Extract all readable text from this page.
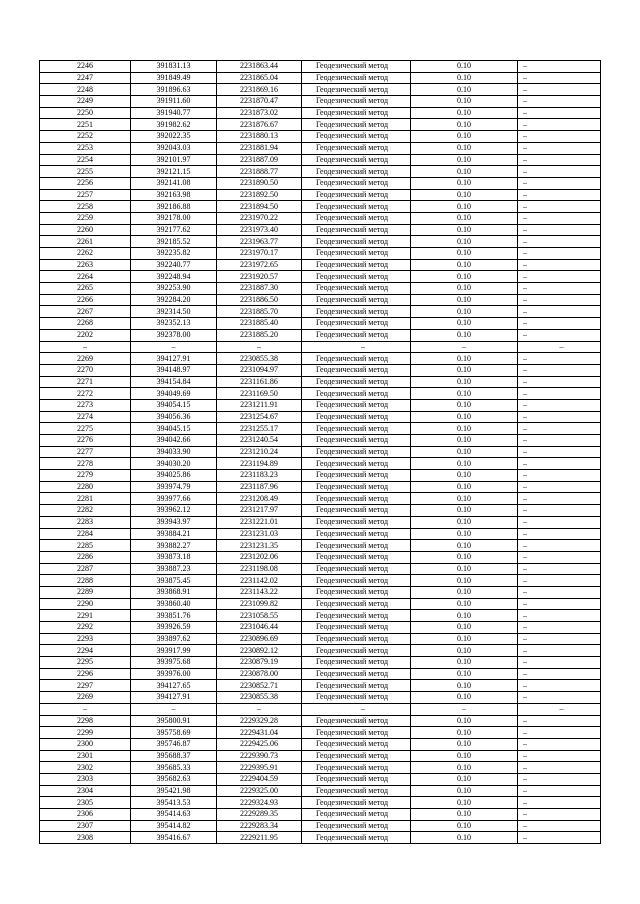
2246	391831.13	2231863.44	Геодезический метод	0.10	–
2247	391849.49	2231865.04	Геодезический метод	0.10	–
2248	391896.63	2231869.16	Геодезический метод	0.10	–
2249	391911.60	2231870.47	Геодезический метод	0.10	–
2250	391940.77	2231873.02	Геодезический метод	0.10	–
2251	391982.62	2231876.67	Геодезический метод	0.10	–
2252	392022.35	2231880.13	Геодезический метод	0.10	–
2253	392043.03	2231881.94	Геодезический метод	0.10	–
2254	392101.97	2231887.09	Геодезический метод	0.10	–
2255	392121.15	2231888.77	Геодезический метод	0.10	–
2256	392141.08	2231890.50	Геодезический метод	0.10	–
2257	392163.98	2231892.50	Геодезический метод	0.10	–
2258	392186.88	2231894.50	Геодезический метод	0.10	–
2259	392178.00	2231970.22	Геодезический метод	0.10	–
2260	392177.62	2231973.40	Геодезический метод	0.10	–
2261	392185.52	2231963.77	Геодезический метод	0.10	–
2262	392235.82	2231970.17	Геодезический метод	0.10	–
2263	392240.77	2231972.65	Геодезический метод	0.10	–
2264	392248.94	2231920.57	Геодезический метод	0.10	–
2265	392253.90	2231887.30	Геодезический метод	0.10	–
2266	392284.20	2231886.50	Геодезический метод	0.10	–
2267	392314.50	2231885.70	Геодезический метод	0.10	–
2268	392352.13	2231885.40	Геодезический метод	0.10	–
2202	392378.00	2231885.20	Геодезический метод	0.10	–
–	–	–	–	–	–
2269	394127.91	2230855.38	Геодезический метод	0.10	–
2270	394148.97	2231094.97	Геодезический метод	0.10	–
2271	394154.84	2231161.86	Геодезический метод	0.10	–
2272	394049.69	2231169.50	Геодезический метод	0.10	–
2273	394054.15	2231211.91	Геодезический метод	0.10	–
2274	394056.36	2231254.67	Геодезический метод	0.10	–
2275	394045.15	2231255.17	Геодезический метод	0.10	–
2276	394042.66	2231240.54	Геодезический метод	0.10	–
2277	394033.90	2231210.24	Геодезический метод	0.10	–
2278	394030.20	2231194.89	Геодезический метод	0.10	–
2279	394025.86	2231183.23	Геодезический метод	0.10	–
2280	393974.79	2231187.96	Геодезический метод	0.10	–
2281	393977.66	2231208.49	Геодезический метод	0.10	–
2282	393962.12	2231217.97	Геодезический метод	0.10	–
2283	393943.97	2231221.01	Геодезический метод	0.10	–
2284	393884.21	2231231.03	Геодезический метод	0.10	–
2285	393882.27	2231231.35	Геодезический метод	0.10	–
2286	393873.18	2231202.06	Геодезический метод	0.10	–
2287	393887.23	2231198.08	Геодезический метод	0.10	–
2288	393875.45	2231142.02	Геодезический метод	0.10	–
2289	393868.91	2231143.22	Геодезический метод	0.10	–
2290	393860.40	2231099.82	Геодезический метод	0.10	–
2291	393851.76	2231058.55	Геодезический метод	0.10	–
2292	393926.59	2231046.44	Геодезический метод	0.10	–
2293	393897.62	2230896.69	Геодезический метод	0.10	–
2294	393917.99	2230892.12	Геодезический метод	0.10	–
2295	393975.68	2230879.19	Геодезический метод	0.10	–
2296	393976.00	2230878.00	Геодезический метод	0.10	–
2297	394127.65	2230852.71	Геодезический метод	0.10	–
2269	394127.91	2230855.38	Геодезический метод	0.10	–
–	–	–	–	–	–
2298	395800.91	2229329.28	Геодезический метод	0.10	–
2299	395758.69	2229431.04	Геодезический метод	0.10	–
2300	395746.87	2229425.06	Геодезический метод	0.10	–
2301	395688.37	2229390.73	Геодезический метод	0.10	–
2302	395685.33	2229395.91	Геодезический метод	0.10	–
2303	395682.63	2229404.59	Геодезический метод	0.10	–
2304	395421.98	2229325.00	Геодезический метод	0.10	–
2305	395413.53	2229324.93	Геодезический метод	0.10	–
2306	395414.63	2229289.35	Геодезический метод	0.10	–
2307	395414.82	2229283.34	Геодезический метод	0.10	–
2308	395416.67	2229211.95	Геодезический метод	0.10	–
